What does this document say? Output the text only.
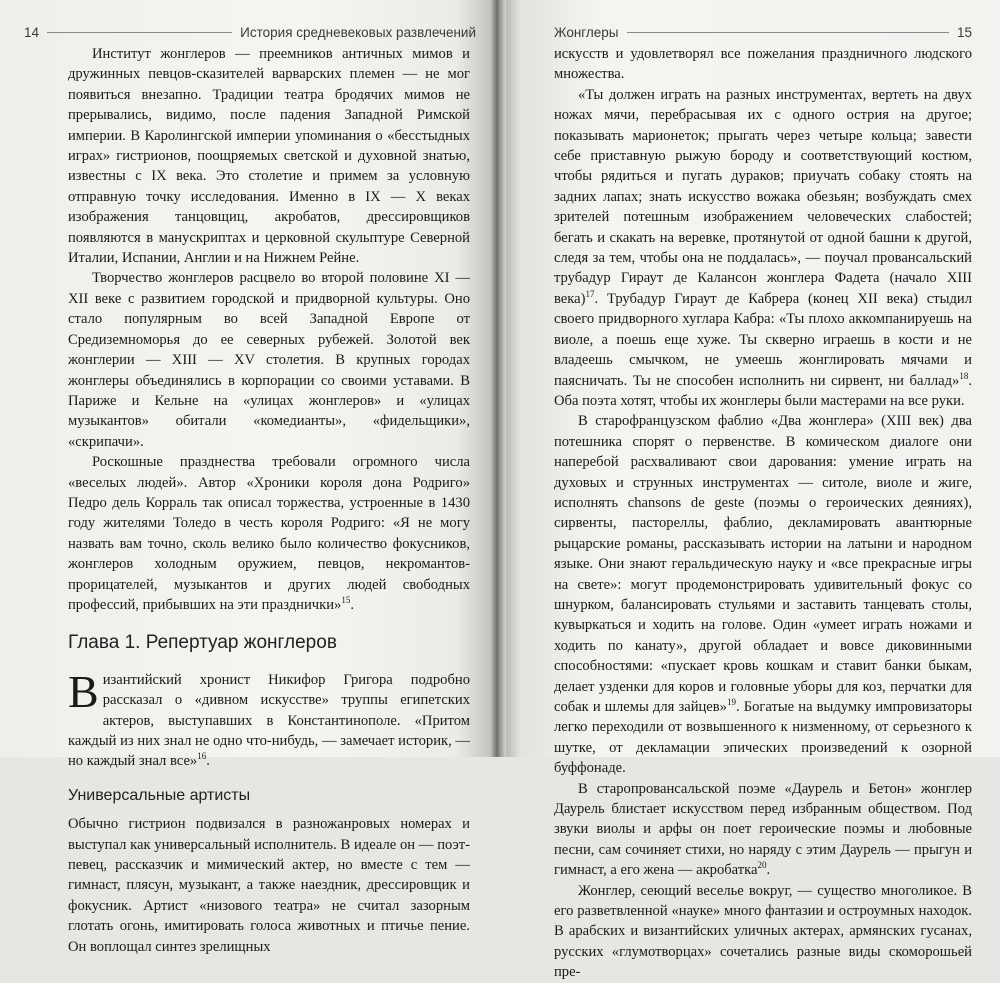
14	История средневековых развлечений	Жонглеры	15

Институт жонглеров — преемников античных мимов и дружинных певцов-сказителей варварских племен — не мог появиться внезапно. Традиции театра бродячих мимов не прерывались, видимо, после падения Западной Римской империи. В Каролингской империи упоминания о «бесстыдных играх» гистрионов, поощряемых светской и духовной знатью, известны с IX века. Это столетие и примем за условную отправную точку исследования. Именно в IX — X веках изображения танцовщиц, акробатов, дрессировщиков появляются в манускриптах и церковной скульптуре Северной Италии, Испании, Англии и на Нижнем Рейне.

Творчество жонглеров расцвело во второй половине XI — XII веке с развитием городской и придворной культуры. Оно стало популярным во всей Западной Европе от Средиземноморья до ее северных рубежей. Золотой век жонглерии — XIII — XV столетия. В крупных городах жонглеры объединялись в корпорации со своими уставами. В Париже и Кельне на «улицах жонглеров» и «улицах музыкантов» обитали «комедианты», «фидельщики», «скрипачи».

Роскошные празднества требовали огромного числа «веселых людей». Автор «Хроники короля дона Родриго» Педро дель Корраль так описал торжества, устроенные в 1430 году жителями Толедо в честь короля Родриго: «Я не могу назвать вам точно, сколь велико было количество фокусников, жонглеров холодным оружием, певцов, некромантов-прорицателей, музыкантов и других людей свободных профессий, прибывших на эти празднички»$^{15}$.

Глава 1. Репертуар жонглеров

Византийский хронист Никифор Григора подробно рассказал о «дивном искусстве» труппы египетских актеров, выступавших в Константинополе. «Притом каждый из них знал не одно что-нибудь, — замечает историк, — но каждый знал все»$^{16}$.

Универсальные артисты

Обычно гистрион подвизался в разножанровых номерах и выступал как универсальный исполнитель. В идеале он — поэт-певец, рассказчик и мимический актер, но вместе с тем — гимнаст, плясун, музыкант, а также наездник, дрессировщик и фокусник. Артист «низового театра» не считал зазорным глотать огонь, имитировать голоса животных и птичье пение. Он воплощал синтез зрелищных

искусств и удовлетворял все пожелания праздничного людского множества.

«Ты должен играть на разных инструментах, вертеть на двух ножах мячи, перебрасывая их с одного острия на другое; показывать марионеток; прыгать через четыре кольца; завести себе приставную рыжую бороду и соответствующий костюм, чтобы рядиться и пугать дураков; приучать собаку стоять на задних лапах; знать искусство вожака обезьян; возбуждать смех зрителей потешным изображением человеческих слабостей; бегать и скакать на веревке, протянутой от одной башни к другой, следя за тем, чтобы она не поддалась», — поучал провансальский трубадур Гираут де Калансон жонглера Фадета (начало XIII века)$^{17}$. Трубадур Гираут де Кабрера (конец XII века) стыдил своего придворного хуглара Кабра: «Ты плохо аккомпанируешь на виоле, а поешь еще хуже. Ты скверно играешь в кости и не владеешь смычком, не умеешь жонглировать мячами и паясничать. Ты не способен исполнить ни сирвент, ни баллад»$^{18}$. Оба поэта хотят, чтобы их жонглеры были мастерами на все руки.

В старофранцузском фаблио «Два жонглера» (XIII век) два потешника спорят о первенстве. В комическом диалоге они наперебой расхваливают свои дарования: умение играть на духовых и струнных инструментах — ситоле, виоле и жиге, исполнять chansons de geste (поэмы о героических деяниях), сирвенты, пастореллы, фаблио, декламировать авантюрные рыцарские романы, рассказывать истории на латыни и народном языке. Они знают геральдическую науку и «все прекрасные игры на свете»: могут продемонстрировать удивительный фокус со шнурком, балансировать стульями и заставить танцевать столы, кувыркаться и ходить на голове. Один «умеет играть ножами и ходить по канату», другой обладает и вовсе диковинными способностями: «пускает кровь кошкам и ставит банки быкам, делает узденки для коров и головные уборы для коз, перчатки для собак и шлемы для зайцев»$^{19}$. Богатые на выдумку импровизаторы легко переходили от возвышенного к низменному, от серьезного к шутке, от декламации эпических произведений к озорной буффонаде.

В старопровансальской поэме «Даурель и Бетон» жонглер Даурель блистает искусством перед избранным обществом. Под звуки виолы и арфы он поет героические поэмы и любовные песни, сам сочиняет стихи, но наряду с этим Даурель — прыгун и гимнаст, а его жена — акробатка$^{20}$.

Жонглер, сеющий веселье вокруг, — существо многоликое. В его разветвленной «науке» много фантазии и остроумных находок. В арабских и византийских уличных актерах, армянских гусанах, русских «глумотворцах» сочетались разные виды скоморошьей пре-
